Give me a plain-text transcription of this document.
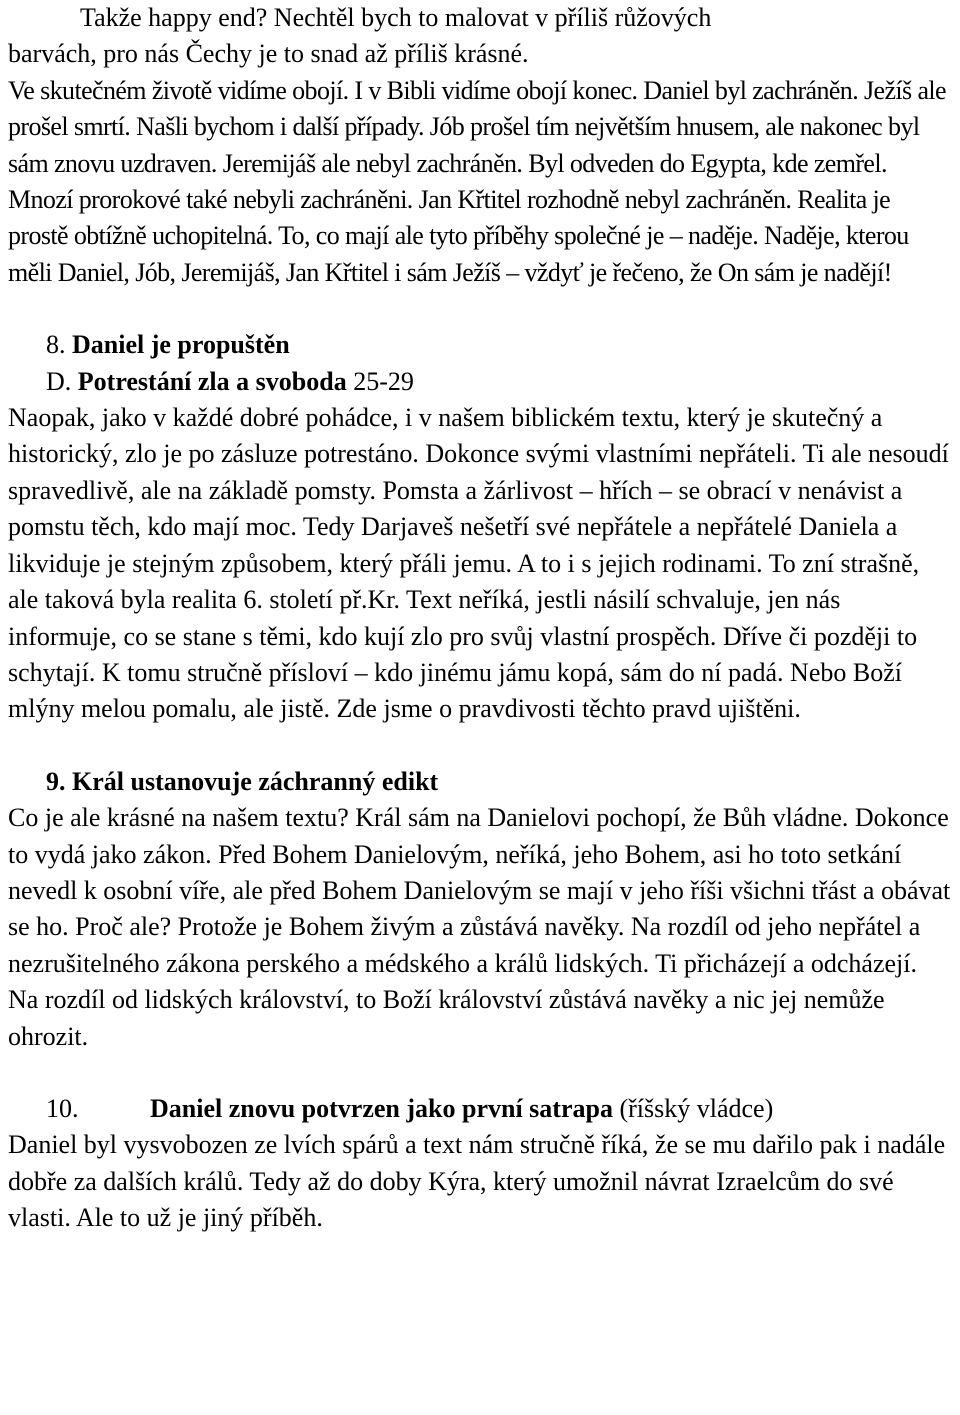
Takže happy end? Nechtěl bych to malovat v příliš růžových
barvách, pro nás Čechy je to snad až příliš krásné.

Ve skutečném životě vidíme obojí. I v Bibli vidíme obojí konec. Daniel byl zachráněn. Ježíš ale prošel smrtí. Našli bychom i další případy. Jób prošel tím největším hnusem, ale nakonec byl sám znovu uzdraven. Jeremijáš ale nebyl zachráněn. Byl odveden do Egypta, kde zemřel. Mnozí prorokové také nebyli zachráněni. Jan Křtitel rozhodně nebyl zachráněn. Realita je prostě obtížně uchopitelná. To, co mají ale tyto příběhy společné je – naděje. Naděje, kterou měli Daniel, Jób, Jeremijáš, Jan Křtitel i sám Ježíš – vždyť je řečeno, že On sám je nadějí!

8. Daniel je propuštěn

D. Potrestání zla a svoboda 25-29

Naopak, jako v každé dobré pohádce, i v našem biblickém textu, který je skutečný a historický, zlo je po zásluze potrestáno. Dokonce svými vlastními nepřáteli. Ti ale nesoudí spravedlivě, ale na základě pomsty. Pomsta a žárlivost – hřích – se obrací v nenávist a pomstu těch, kdo mají moc. Tedy Darjaveš nešetří své nepřátele a nepřátelé Daniela a likviduje je stejným způsobem, který přáli jemu. A to i s jejich rodinami. To zní strašně, ale taková byla realita 6. století př.Kr. Text neříká, jestli násilí schvaluje, jen nás informuje, co se stane s těmi, kdo kují zlo pro svůj vlastní prospěch. Dříve či později to schytají. K tomu stručně přísloví – kdo jinému jámu kopá, sám do ní padá. Nebo Boží mlýny melou pomalu, ale jistě. Zde jsme o pravdivosti těchto pravd ujištěni.

9. Král ustanovuje záchranný edikt

Co je ale krásné na našem textu? Král sám na Danielovi pochopí, že Bůh vládne. Dokonce to vydá jako zákon. Před Bohem Danielovým, neříká, jeho Bohem, asi ho toto setkání nevedl k osobní víře, ale před Bohem Danielovým se mají v jeho říši všichni třást a obávat se ho. Proč ale? Protože je Bohem živým a zůstává navěky. Na rozdíl od jeho nepřátel a nezrušitelného zákona perského a médského a králů lidských. Ti přicházejí a odcházejí. Na rozdíl od lidských království, to Boží království zůstává navěky a nic jej nemůže ohrozit.

10.	Daniel znovu potvrzen jako první satrapa (říšský vládce)

Daniel byl vysvobozen ze lvích spárů a text nám stručně říká, že se mu dařilo pak i nadále dobře za dalších králů. Tedy až do doby Kýra, který umožnil návrat Izraelcům do své vlasti. Ale to už je jiný příběh.
